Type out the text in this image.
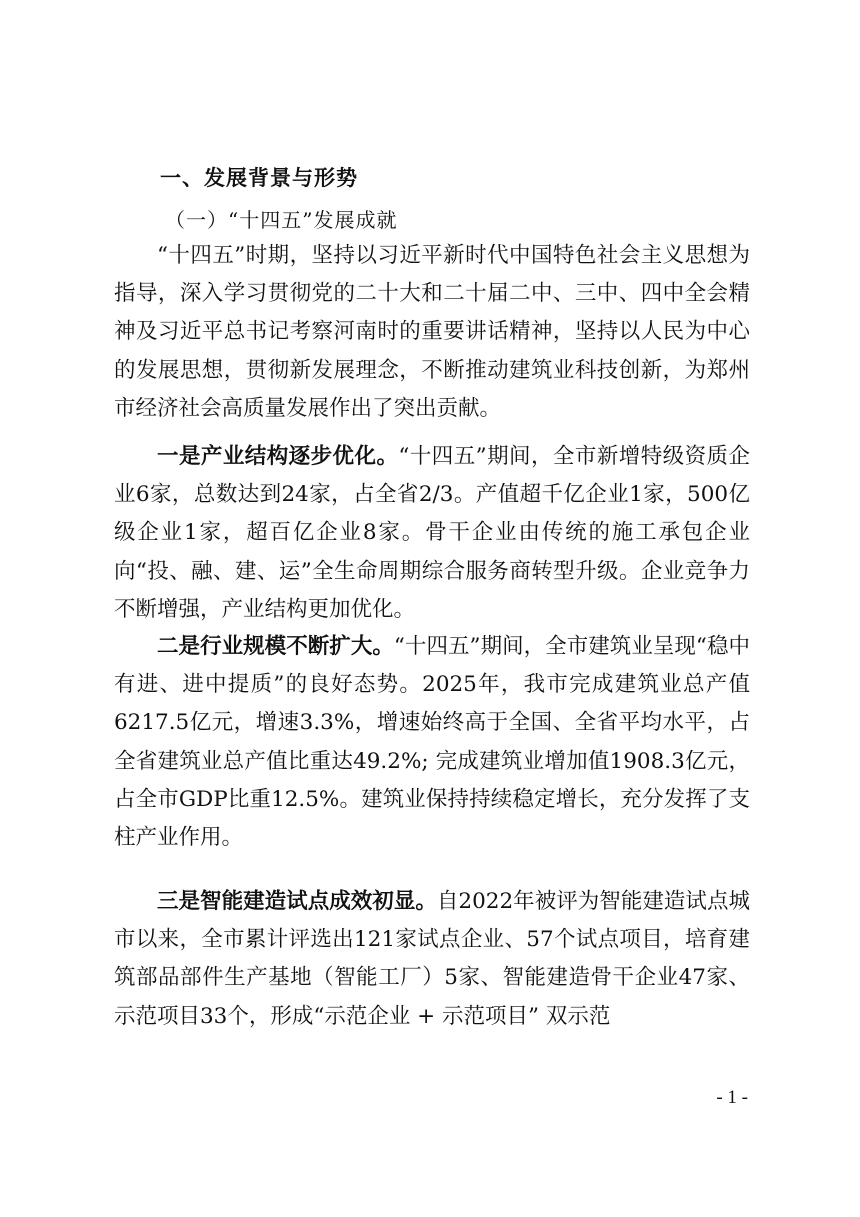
一、发展背景与形势
（一）“十四五”发展成就

“十四五”时期，坚持以习近平新时代中国特色社会主义思想为指导，深入学习贯彻党的二十大和二十届二中、三中、四中全会精神及习近平总书记考察河南时的重要讲话精神，坚持以人民为中心的发展思想，贯彻新发展理念，不断推动建筑业科技创新，为郑州市经济社会高质量发展作出了突出贡献。

一是产业结构逐步优化。“十四五”期间，全市新增特级资质企业6家，总数达到24家，占全省2/3。产值超千亿企业1家，500亿级企业1家，超百亿企业8家。骨干企业由传统的施工承包企业向“投、融、建、运”全生命周期综合服务商转型升级。企业竞争力不断增强，产业结构更加优化。

二是行业规模不断扩大。“十四五”期间，全市建筑业呈现“稳中有进、进中提质”的良好态势。2025年，我市完成建筑业总产值6217.5亿元，增速3.3%，增速始终高于全国、全省平均水平，占全省建筑业总产值比重达49.2%; 完成建筑业增加值1908.3亿元，占全市GDP比重12.5%。建筑业保持持续稳定增长，充分发挥了支柱产业作用。

三是智能建造试点成效初显。自2022年被评为智能建造试点城市以来，全市累计评选出121家试点企业、57个试点项目，培育建筑部品部件生产基地（智能工厂）5家、智能建造骨干企业47家、示范项目33个，形成“示范企业 + 示范项目” 双示范

- 1 -
